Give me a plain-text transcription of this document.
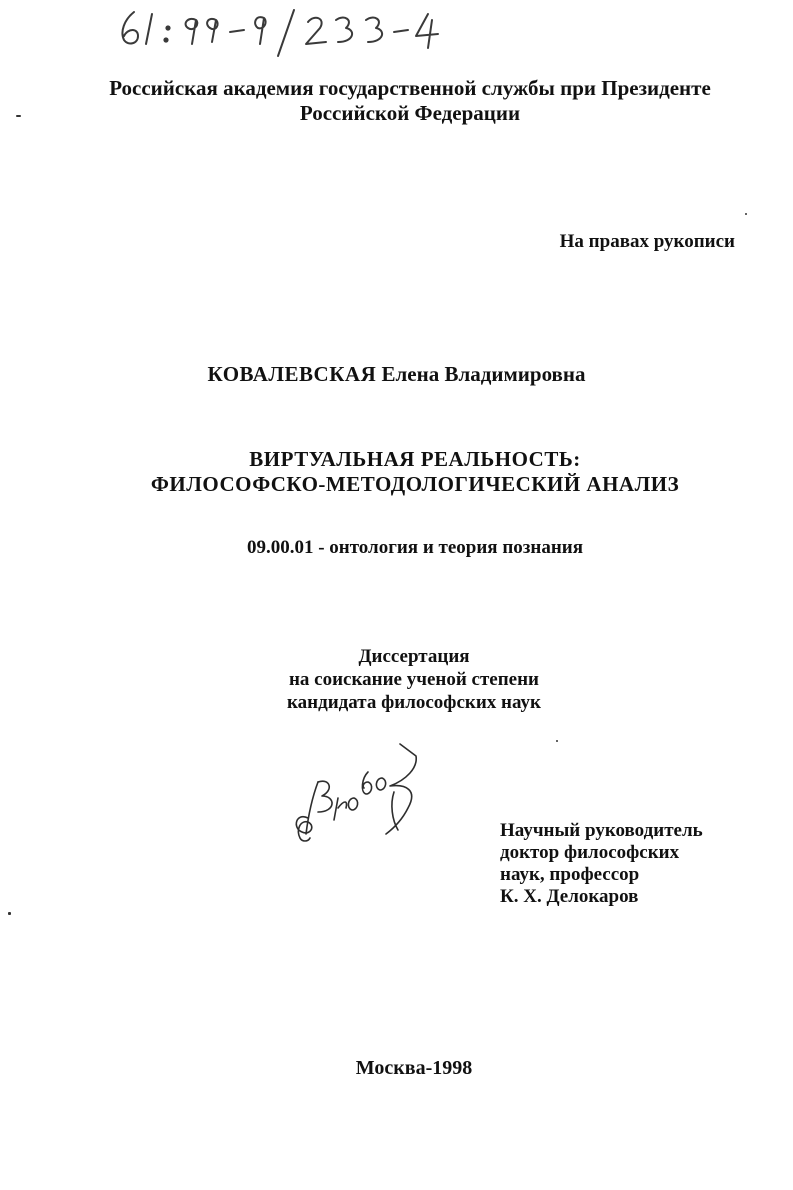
61:99-9/233-4
Российская академия государственной службы при Президенте
Российской Федерации
На правах рукописи
КОВАЛЕВСКАЯ Елена Владимировна
ВИРТУАЛЬНАЯ РЕАЛЬНОСТЬ:
ФИЛОСОФСКО-МЕТОДОЛОГИЧЕСКИЙ АНАЛИЗ
09.00.01 - онтология и теория познания
Диссертация
на соискание ученой степени
кандидата философских наук
Научный руководитель
доктор философских
наук, профессор
К. Х. Делокаров
Москва-1998
